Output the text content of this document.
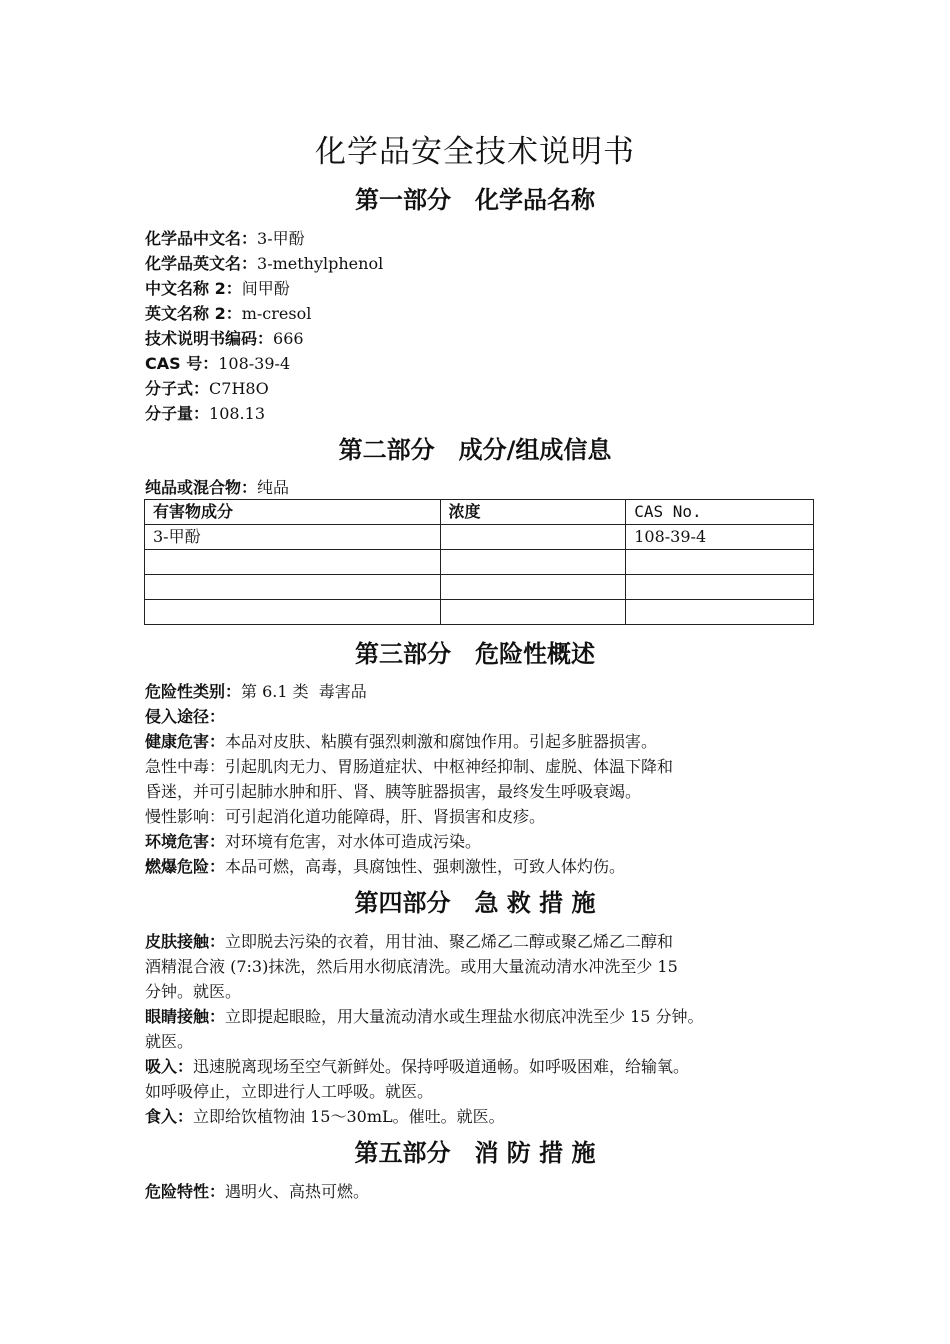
化学品安全技术说明书
第一部分　化学品名称
化学品中文名：3-甲酚
化学品英文名：3-methylphenol
中文名称 2：间甲酚
英文名称 2：m-cresol
技术说明书编码：666
CAS 号：108-39-4
分子式：C7H8O
分子量：108.13
第二部分　成分/组成信息
纯品或混合物：纯品
有害物成分	浓度	CAS No.
3-甲酚		108-39-4

第三部分　危险性概述
危险性类别：第 6.1 类  毒害品
侵入途径：
健康危害：本品对皮肤、粘膜有强烈刺激和腐蚀作用。引起多脏器损害。
急性中毒：引起肌肉无力、胃肠道症状、中枢神经抑制、虚脱、体温下降和
昏迷，并可引起肺水肿和肝、肾、胰等脏器损害，最终发生呼吸衰竭。
慢性影响：可引起消化道功能障碍，肝、肾损害和皮疹。
环境危害：对环境有危害，对水体可造成污染。
燃爆危险：本品可燃，高毒，具腐蚀性、强刺激性，可致人体灼伤。
第四部分　急 救 措 施
皮肤接触：立即脱去污染的衣着，用甘油、聚乙烯乙二醇或聚乙烯乙二醇和
酒精混合液 (7:3)抹洗，然后用水彻底清洗。或用大量流动清水冲洗至少 15
分钟。就医。
眼睛接触：立即提起眼睑，用大量流动清水或生理盐水彻底冲洗至少 15 分钟。
就医。
吸入：迅速脱离现场至空气新鲜处。保持呼吸道通畅。如呼吸困难，给输氧。
如呼吸停止，立即进行人工呼吸。就医。
食入：立即给饮植物油 15～30mL。催吐。就医。
第五部分　消 防 措 施
危险特性：遇明火、高热可燃。
